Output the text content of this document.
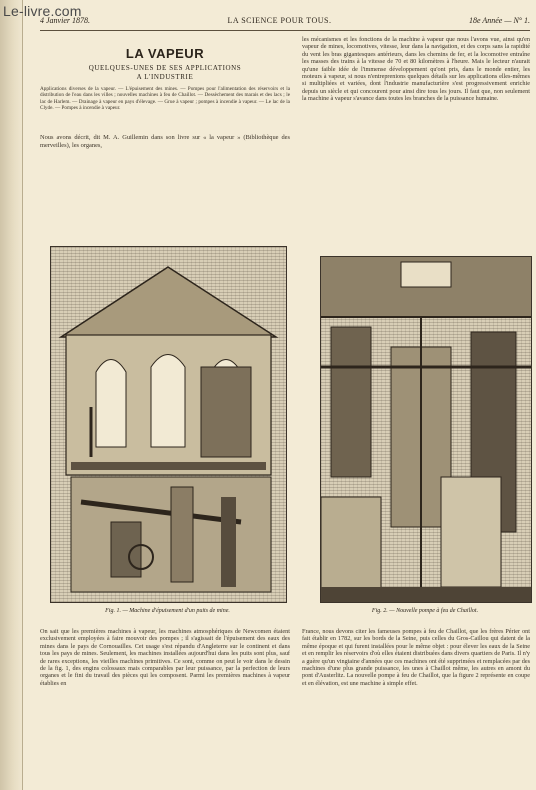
Le-livre.com
4 Janvier 1878.	LA SCIENCE POUR TOUS.	18e Année — N° 1.
LA VAPEUR
QUELQUES-UNES DE SES APPLICATIONS
A L'INDUSTRIE
Applications diverses de la vapeur. — L'épuisement des mines. — Pompes pour l'alimentation des réservoirs et la distribution de l'eau dans les villes ; nouvelles machines à feu de Chaillot. — Dessèchement des marais et des lacs ; le lac de Harlem. — Drainage à vapeur en pays d'élevage. — Grue à vapeur ; pompes à incendie à vapeur. — Le lac de la Clyde. — Pompes à incendie à vapeur.
Nous avons décrit, dit M. A. Guillemin dans son livre sur « la vapeur » (Bibliothèque des merveilles), les organes,
les mécanismes et les fonctions de la machine à vapeur que nous l'avons vue, ainsi qu'en vapeur de mines, locomotives, vitesse, leur dans la navigation, et des corps sans la rapidité du vent les bras gigantesques antérieurs, dans les chemins de fer, et la locomotive entraîne les masses des trains à la vitesse de 70 et 80 kilomètres à l'heure. Mais le lecteur n'aurait qu'une faible idée de l'immense développement qu'ont pris, dans le monde entier, les moteurs à vapeur, si nous n'entreprenions quelques détails sur les applications elles-mêmes si multipliées et variées, dont l'industrie manufacturière s'est progressivement enrichie depuis un siècle et qui concourent pour ainsi dire tous les jours. Il faut que, non seulement la machine à vapeur s'avance dans toutes les branches de la puissance humaine.
Fig. 1. — Machine d'épuisement d'un puits de mine.	Fig. 2. — Nouvelle pompe à feu de Chaillot.
On sait que les premières machines à vapeur, les machines atmosphériques de Newcomen étaient exclusivement employées à faire mouvoir des pompes ; il s'agissait de l'épuisement des eaux des mines dans le pays de Cornouailles. Cet usage s'est répandu d'Angleterre sur le continent et dans tous les pays de mines. Seulement, les machines installées aujourd'hui dans les puits sont plus, sauf de rares exceptions, les vieilles machines primitives. Ce sont, comme on peut le voir dans le dessin de la fig. 1, des engins colossaux mais comparables par leur puissance, par la perfection de leurs organes et le fini du travail des pièces qui les composent. Parmi les premières machines à vapeur établies en
France, nous devons citer les fameuses pompes à feu de Chaillot, que les frères Périer ont fait établir en 1782, sur les bords de la Seine, puis celles du Gros-Caillou qui datent de la même époque et qui furent installées pour le même objet : pour élever les eaux de la Seine et en remplir les réservoirs d'où elles étaient distribuées dans divers quartiers de Paris. Il n'y a guère qu'un vingtaine d'années que ces machines ont été supprimées et remplacées par des machines d'une plus grande puissance, les unes à Chaillot même, les autres en amont du pont d'Austerlitz. La nouvelle pompe à feu de Chaillot, que la figure 2 représente en coupe et en élévation, est une machine à simple effet.
